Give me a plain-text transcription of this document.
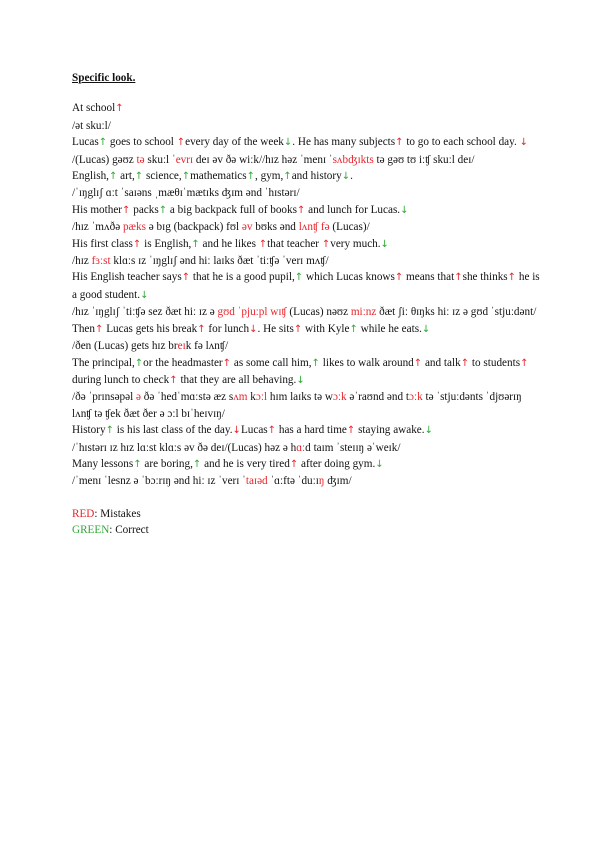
Specific look.
At school↑
/ət skuːl/
Lucas↑ goes to school ↑every day of the week↓. He has many subjects↑ to go to each school day. ↓
/(Lucas) gəʊz tə skuːl ˈevrɪ deɪ əv ðə wiːk//hɪz həz ˈmenɪ ˈsʌbʤɪkts tə gəʊ tʊ iːʧ skuːl deɪ/
English,↑ art,↑ science,↑mathematics↑, gym,↑and history↓.
/ˈɪŋglɪʃ ɑːt ˈsaɪəns ˌmæθɪˈmætɪks ʤɪm ənd ˈhɪstərɪ/
His mother↑ packs↑ a big backpack full of books↑ and lunch for Lucas.↓
/hɪz ˈmʌðə pæks ə bɪg (backpack) fʊl əv bʊks ənd lʌnʧ fə (Lucas)/
His first class↑ is English,↑ and he likes ↑that teacher ↑very much.↓
/hɪz fɜːst klɑːs ɪz ˈɪŋglɪʃ ənd hiː laɪks ðæt ˈtiːʧə ˈverɪ mʌʧ/
His English teacher says↑ that he is a good pupil,↑ which Lucas knows↑ means that↑she thinks↑ he is a good student.↓
/hɪz ˈɪŋglɪʃ ˈtiːʧə sez ðæt hiː ɪz ə gʊd ˈpjuːpl wɪʧ (Lucas) nəʊz miːnz ðæt ʃiː θɪŋks hiː ɪz ə gʊd ˈstjuːdənt/
Then↑ Lucas gets his break↑ for lunch↓. He sits↑ with Kyle↑ while he eats.↓
/ðen (Lucas) gets hɪz breɪk fə lʌnʧ/
The principal,↑or the headmaster↑ as some call him,↑ likes to walk around↑ and talk↑ to students↑ during lunch to check↑ that they are all behaving.↓
/ðə ˈprɪnsəpəl ə ðə ˈhedˈmɑːstə æz sʌm kɔːl hɪm laɪks tə wɔːk əˈraʊnd ənd tɔːk tə ˈstjuːdənts ˈdjʊərɪŋ lʌnʧ tə ʧek ðæt ðer ə ɔːl bɪˈheɪvɪŋ/
History↑ is his last class of the day.↓Lucas↑ has a hard time↑ staying awake.↓
/ˈhɪstərɪ ɪz hɪz lɑːst klɑːs əv ðə deɪ/(Lucas) həz ə hɑːd taɪm ˈsteɪɪŋ əˈweɪk/
Many lessons↑ are boring,↑ and he is very tired↑ after doing gym.↓
/ˈmenɪ ˈlesnz ə ˈbɔːrɪŋ ənd hiː ɪz ˈverɪ ˈtaɪəd ˈɑːftə ˈduːɪŋ ʤɪm/
RED: Mistakes
GREEN: Correct
